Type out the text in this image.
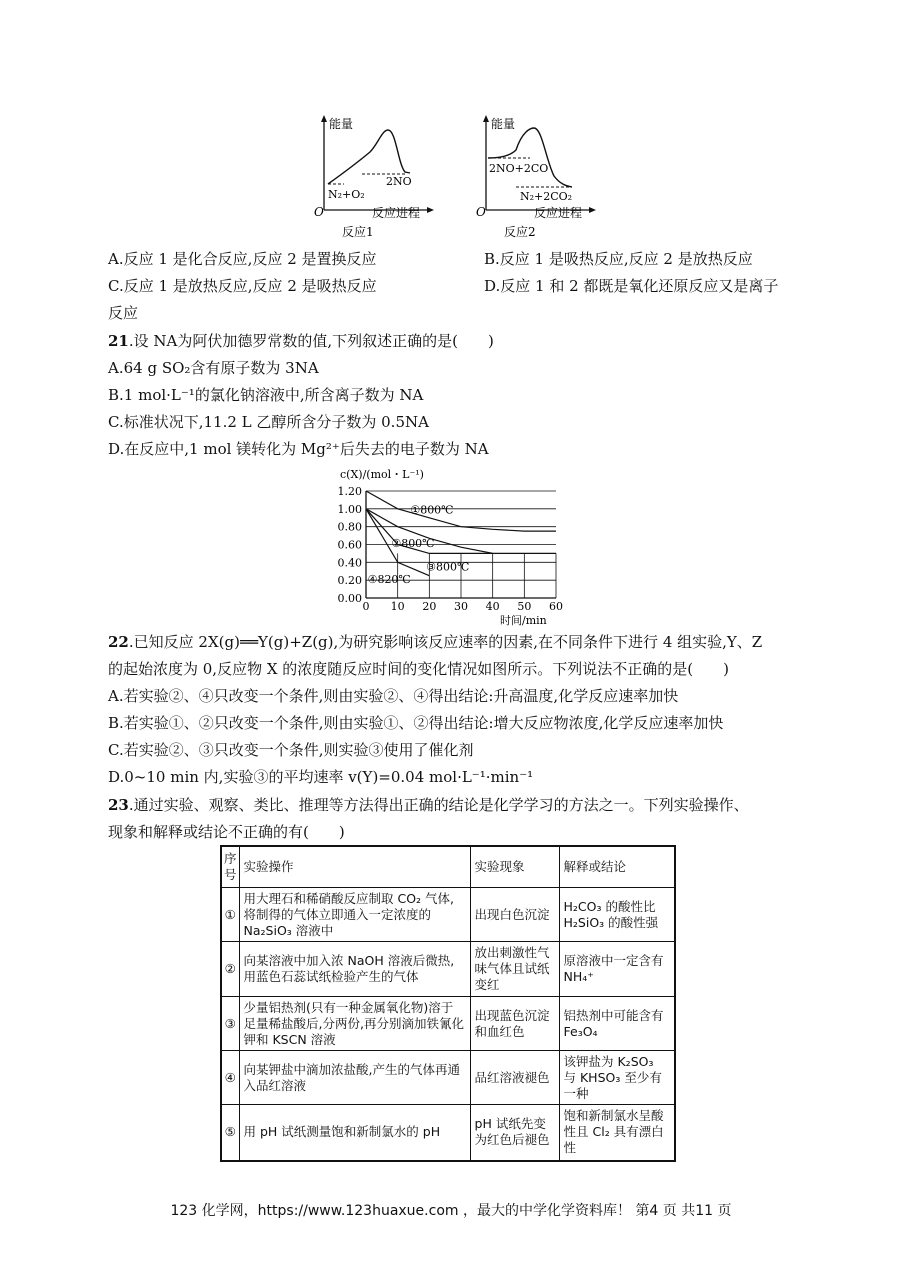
能量
N₂+O₂
2NO
O	反应进程
反应1
能量
2NO+2CO
N₂+2CO₂
O	反应进程
反应2
A.反应 1 是化合反应,反应 2 是置换反应	B.反应 1 是吸热反应,反应 2 是放热反应
C.反应 1 是放热反应,反应 2 是吸热反应	D.反应 1 和 2 都既是氧化还原反应又是离子
反应
21.设 NA为阿伏加德罗常数的值,下列叙述正确的是(　　)
A.64 g SO₂含有原子数为 3NA
B.1 mol·L⁻¹的氯化钠溶液中,所含离子数为 NA
C.标准状况下,11.2 L 乙醇所含分子数为 0.5NA
D.在反应中,1 mol 镁转化为 Mg²⁺后失去的电子数为 NA
c(X)/(mol・L⁻¹)
时间/min
0.00
0.20
0.40
0.60
0.80
1.00
1.20
0 10 20 30 40 50 60
①800℃
②800℃
③800℃
④820℃
22.已知反应 2X(g)══Y(g)+Z(g),为研究影响该反应速率的因素,在不同条件下进行 4 组实验,Y、Z
的起始浓度为 0,反应物 X 的浓度随反应时间的变化情况如图所示。下列说法不正确的是(　　)
A.若实验②、④只改变一个条件,则由实验②、④得出结论:升高温度,化学反应速率加快
B.若实验①、②只改变一个条件,则由实验①、②得出结论:增大反应物浓度,化学反应速率加快
C.若实验②、③只改变一个条件,则实验③使用了催化剂
D.0~10 min 内,实验③的平均速率 v(Y)=0.04 mol·L⁻¹·min⁻¹
23.通过实验、观察、类比、推理等方法得出正确的结论是化学学习的方法之一。下列实验操作、
现象和解释或结论不正确的有(　　)
序号	实验操作	实验现象	解释或结论
①	用大理石和稀硝酸反应制取 CO₂ 气体,将制得的气体立即通入一定浓度的 Na₂SiO₃ 溶液中	出现白色沉淀	H₂CO₃ 的酸性比 H₂SiO₃ 的酸性强
②	向某溶液中加入浓 NaOH 溶液后微热,用蓝色石蕊试纸检验产生的气体	放出刺激性气味气体且试纸变红	原溶液中一定含有 NH₄⁺
③	少量铝热剂(只有一种金属氧化物)溶于足量稀盐酸后,分两份,再分别滴加铁氰化钾和 KSCN 溶液	出现蓝色沉淀和血红色	铝热剂中可能含有 Fe₃O₄
④	向某钾盐中滴加浓盐酸,产生的气体再通入品红溶液	品红溶液褪色	该钾盐为 K₂SO₃ 与 KHSO₃ 至少有一种
⑤	用 pH 试纸测量饱和新制氯水的 pH	pH 试纸先变为红色后褪色	饱和新制氯水呈酸性且 Cl₂ 具有漂白性
123 化学网，https://www.123huaxue.com ，最大的中学化学资料库！ 第4 页 共11 页
